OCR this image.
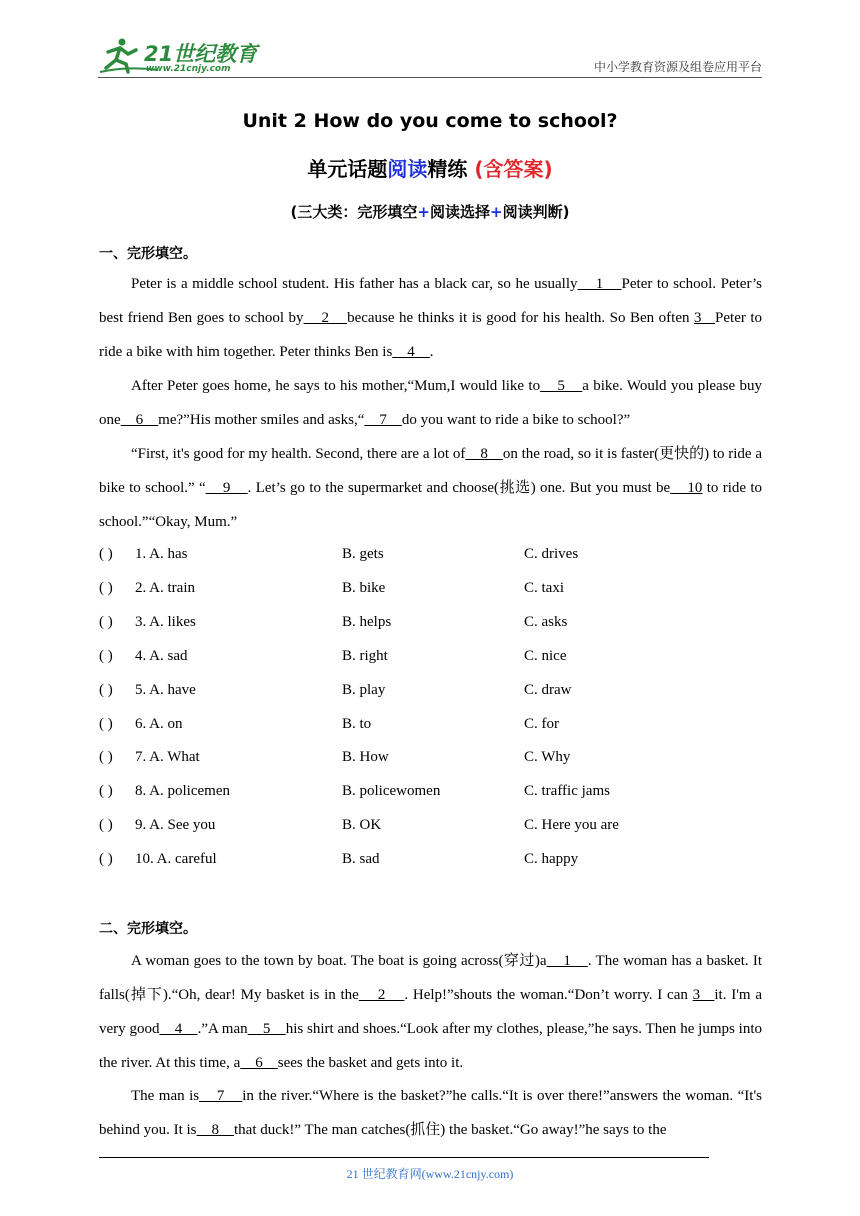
21世纪教育
www.21cnjy.com	中小学教育资源及组卷应用平台
Unit 2 How do you come to school?
单元话题阅读精练 (含答案)
(三大类：完形填空+阅读选择+阅读判断)
一、完形填空。
Peter is a middle school student. His father has a black car, so he usually    1    Peter to school. Peter’s best friend Ben goes to school by    2    because he thinks it is good for his health. So Ben often 3   Peter to ride a bike with him together. Peter thinks Ben is    4    .
After Peter goes home, he says to his mother,“Mum,I would like to    5    a bike. Would you please buy one    6    me?”His mother smiles and asks,“    7    do you want to ride a bike to school?”
“First, it's good for my health. Second, there are a lot of    8    on the road, so it is faster(更快的) to ride a bike to school.” “    9    . Let’s go to the supermarket and choose(挑选) one. But you must be    10 to ride to school.”“Okay, Mum.”
( ) 1. A. has	B. gets	C. drives
( ) 2. A. train	B. bike	C. taxi
( ) 3. A. likes	B. helps	C. asks
( ) 4. A. sad	B. right	C. nice
( ) 5. A. have	B. play	C. draw
( ) 6. A. on	B. to	C. for
( ) 7. A. What	B. How	C. Why
( ) 8. A. policemen	B. policewomen	C. traffic jams
( ) 9. A. See you	B. OK	C. Here you are
( ) 10. A. careful	B. sad	C. happy
二、完形填空。
A woman goes to the town by boat. The boat is going across(穿过)a    1    . The woman has a basket. It falls(掉下).“Oh, dear! My basket is in the    2    . Help!”shouts the woman.“Don’t worry. I can 3   it. I'm a very good    4    .”A man    5    his shirt and shoes.“Look after my clothes, please,”he says. Then he jumps into the river. At this time, a    6    sees the basket and gets into it.
The man is    7    in the river.“Where is the basket?”he calls.“It is over there!”answers the woman. “It's behind you. It is    8    that duck!” The man catches(抓住) the basket.“Go away!”he says to the
21 世纪教育网(www.21cnjy.com)
